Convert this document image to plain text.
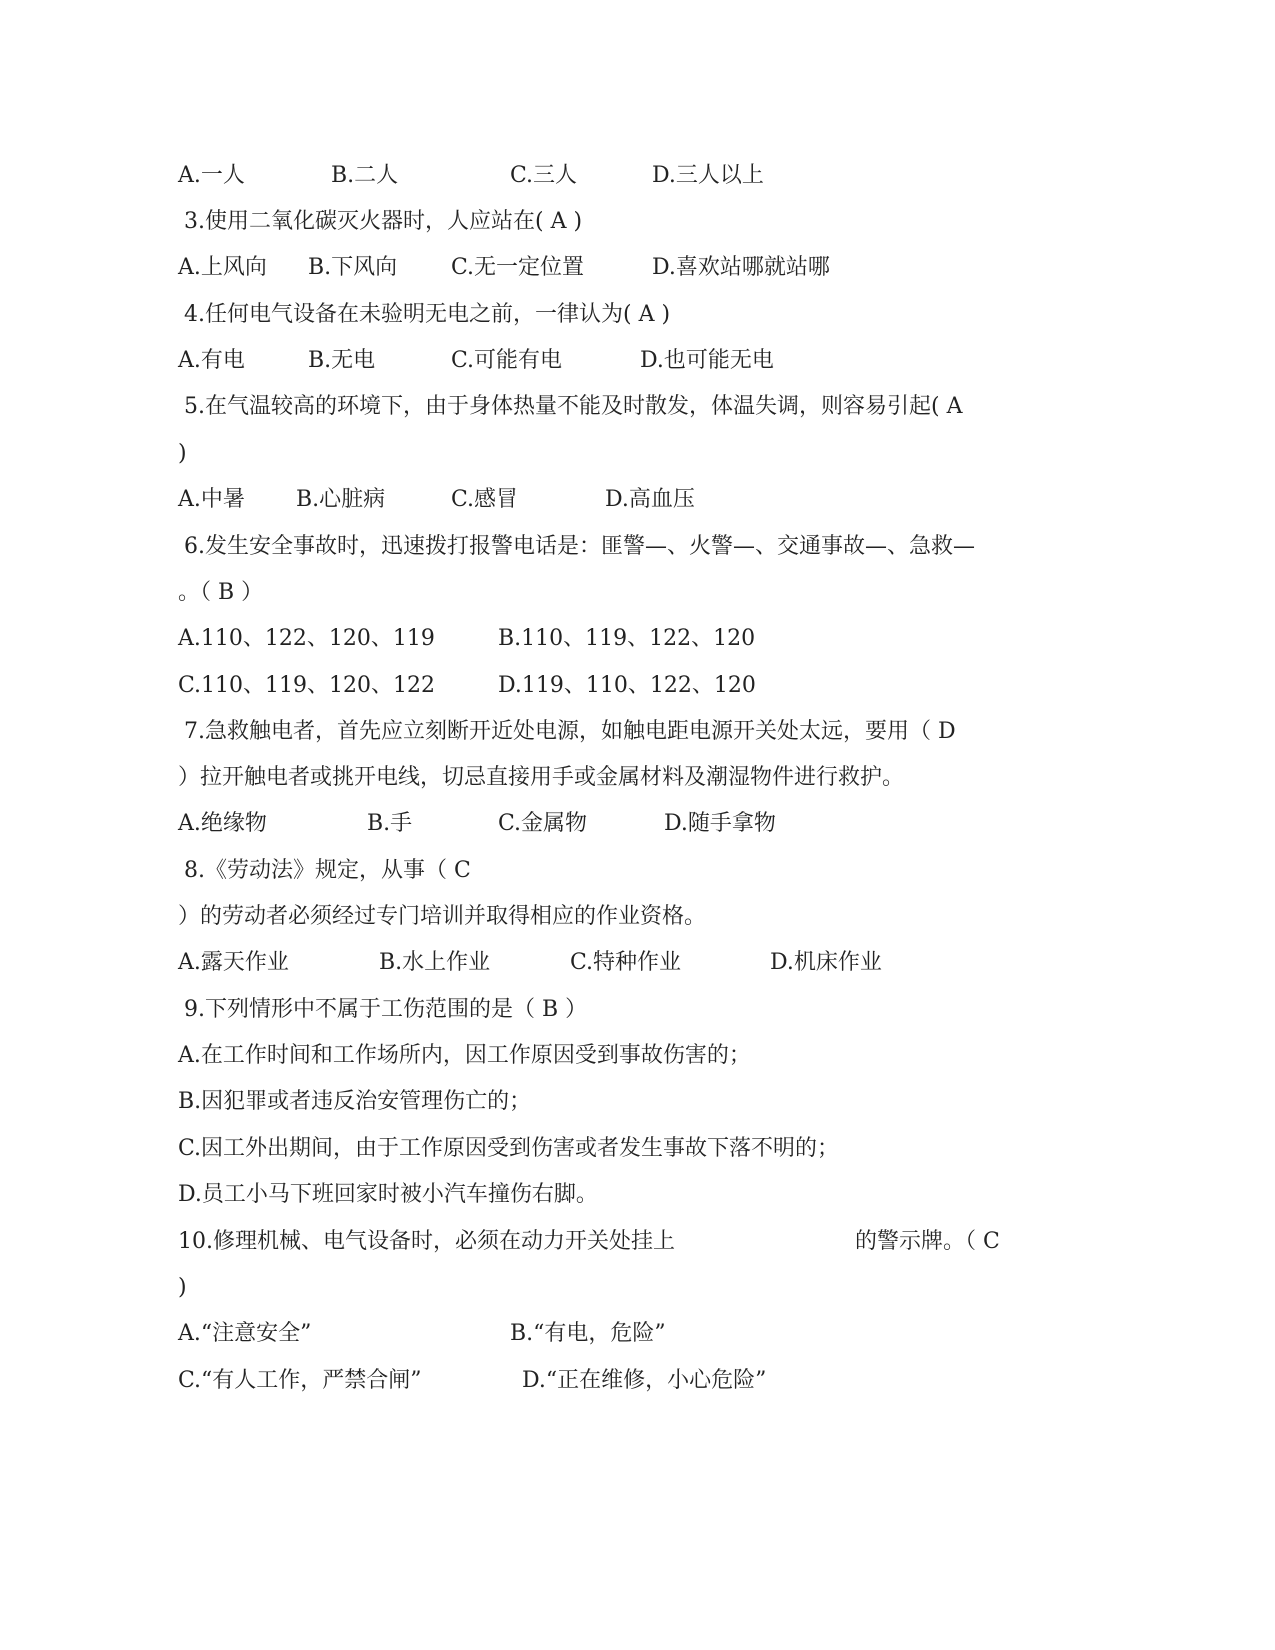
A.一人	B.二人	C.三人	D.三人以上
3.使用二氧化碳灭火器时，人应站在( A )
A.上风向 B.下风向 C.无一定位置	D.喜欢站哪就站哪
4.任何电气设备在未验明无电之前，一律认为( A )
A.有电	B.无电	C.可能有电	D.也可能无电
5.在气温较高的环境下，由于身体热量不能及时散发，体温失调，则容易引起( A
)
A.中暑 B.心脏病	C.感冒	D.高血压
6.发生安全事故时，迅速拨打报警电话是：匪警—、火警—、交通事故—、急救—
。（ B ）
A.110、122、120、119	B.110、119、122、120
C.110、119、120、122	D.119、110、122、120
7.急救触电者，首先应立刻断开近处电源，如触电距电源开关处太远，要用（ D
）拉开触电者或挑开电线，切忌直接用手或金属材料及潮湿物件进行救护。
A.绝缘物	B.手	C.金属物	D.随手拿物
8.《劳动法》规定，从事（ C
）的劳动者必须经过专门培训并取得相应的作业资格。
A.露天作业	B.水上作业	C.特种作业	D.机床作业
9.下列情形中不属于工伤范围的是（ B ）
A.在工作时间和工作场所内，因工作原因受到事故伤害的；
B.因犯罪或者违反治安管理伤亡的；
C.因工外出期间，由于工作原因受到伤害或者发生事故下落不明的；
D.员工小马下班回家时被小汽车撞伤右脚。
10.修理机械、电气设备时，必须在动力开关处挂上	的警示牌。（ C
)
A.“注意安全”	B.“有电，危险”
C.“有人工作，严禁合闸”	D.“正在维修，小心危险”
